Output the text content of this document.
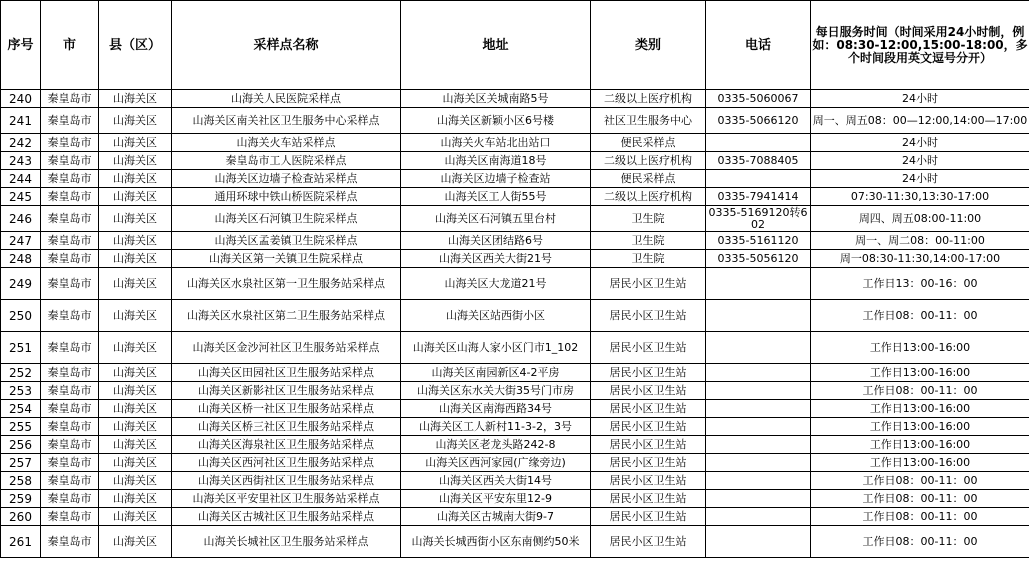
序号	市	县（区）	采样点名称	地址	类别	电话	每日服务时间（时间采用24小时制，例如：08:30-12:00,15:00-18:00，多个时间段用英文逗号分开）
240	秦皇岛市	山海关区	山海关人民医院采样点	山海关区关城南路5号	二级以上医疗机构	0335-5060067	24小时
241	秦皇岛市	山海关区	山海关区南关社区卫生服务中心采样点	山海关区新颖小区6号楼	社区卫生服务中心	0335-5066120	周一、周五08：00—12:00,14:00—17:00
242	秦皇岛市	山海关区	山海关火车站采样点	山海关火车站北出站口	便民采样点		24小时
243	秦皇岛市	山海关区	秦皇岛市工人医院采样点	山海关区南海道18号	二级以上医疗机构	0335-7088405	24小时
244	秦皇岛市	山海关区	山海关区边墙子检查站采样点	山海关区边墙子检查站	便民采样点		24小时
245	秦皇岛市	山海关区	通用环球中铁山桥医院采样点	山海关区工人街55号	二级以上医疗机构	0335-7941414	07:30-11:30,13:30-17:00
246	秦皇岛市	山海关区	山海关区石河镇卫生院采样点	山海关区石河镇五里台村	卫生院	0335-5169120转602	周四、周五08:00-11:00
247	秦皇岛市	山海关区	山海关区孟姜镇卫生院采样点	山海关区团结路6号	卫生院	0335-5161120	周一、周二08：00-11:00
248	秦皇岛市	山海关区	山海关区第一关镇卫生院采样点	山海关区西关大街21号	卫生院	0335-5056120	周一08:30-11:30,14:00-17:00
249	秦皇岛市	山海关区	山海关区水泉社区第一卫生服务站采样点	山海关区大龙道21号	居民小区卫生站		工作日13：00-16：00
250	秦皇岛市	山海关区	山海关区水泉社区第二卫生服务站采样点	山海关区站西街小区	居民小区卫生站		工作日08：00-11：00
251	秦皇岛市	山海关区	山海关区金沙河社区卫生服务站采样点	山海关区山海人家小区门市1_102	居民小区卫生站		工作日13:00-16:00
252	秦皇岛市	山海关区	山海关区田园社区卫生服务站采样点	山海关区南园新区4-2平房	居民小区卫生站		工作日13:00-16:00
253	秦皇岛市	山海关区	山海关区新影社区卫生服务站采样点	山海关区东水关大街35号门市房	居民小区卫生站		工作日08：00-11：00
254	秦皇岛市	山海关区	山海关区桥一社区卫生服务站采样点	山海关区南海西路34号	居民小区卫生站		工作日13:00-16:00
255	秦皇岛市	山海关区	山海关区桥三社区卫生服务站采样点	山海关区工人新村11-3-2，3号	居民小区卫生站		工作日13:00-16:00
256	秦皇岛市	山海关区	山海关区海泉社区卫生服务站采样点	山海关区老龙头路242-8	居民小区卫生站		工作日13:00-16:00
257	秦皇岛市	山海关区	山海关区西河社区卫生服务站采样点	山海关区西河家园(广缘旁边)	居民小区卫生站		工作日13:00-16:00
258	秦皇岛市	山海关区	山海关区西街社区卫生服务站采样点	山海关区西关大街14号	居民小区卫生站		工作日08：00-11：00
259	秦皇岛市	山海关区	山海关区平安里社区卫生服务站采样点	山海关区平安东里12-9	居民小区卫生站		工作日08：00-11：00
260	秦皇岛市	山海关区	山海关区古城社区卫生服务站采样点	山海关区古城南大街9-7	居民小区卫生站		工作日08：00-11：00
261	秦皇岛市	山海关区	山海关长城社区卫生服务站采样点	山海关长城西街小区东南侧约50米	居民小区卫生站		工作日08：00-11：00
